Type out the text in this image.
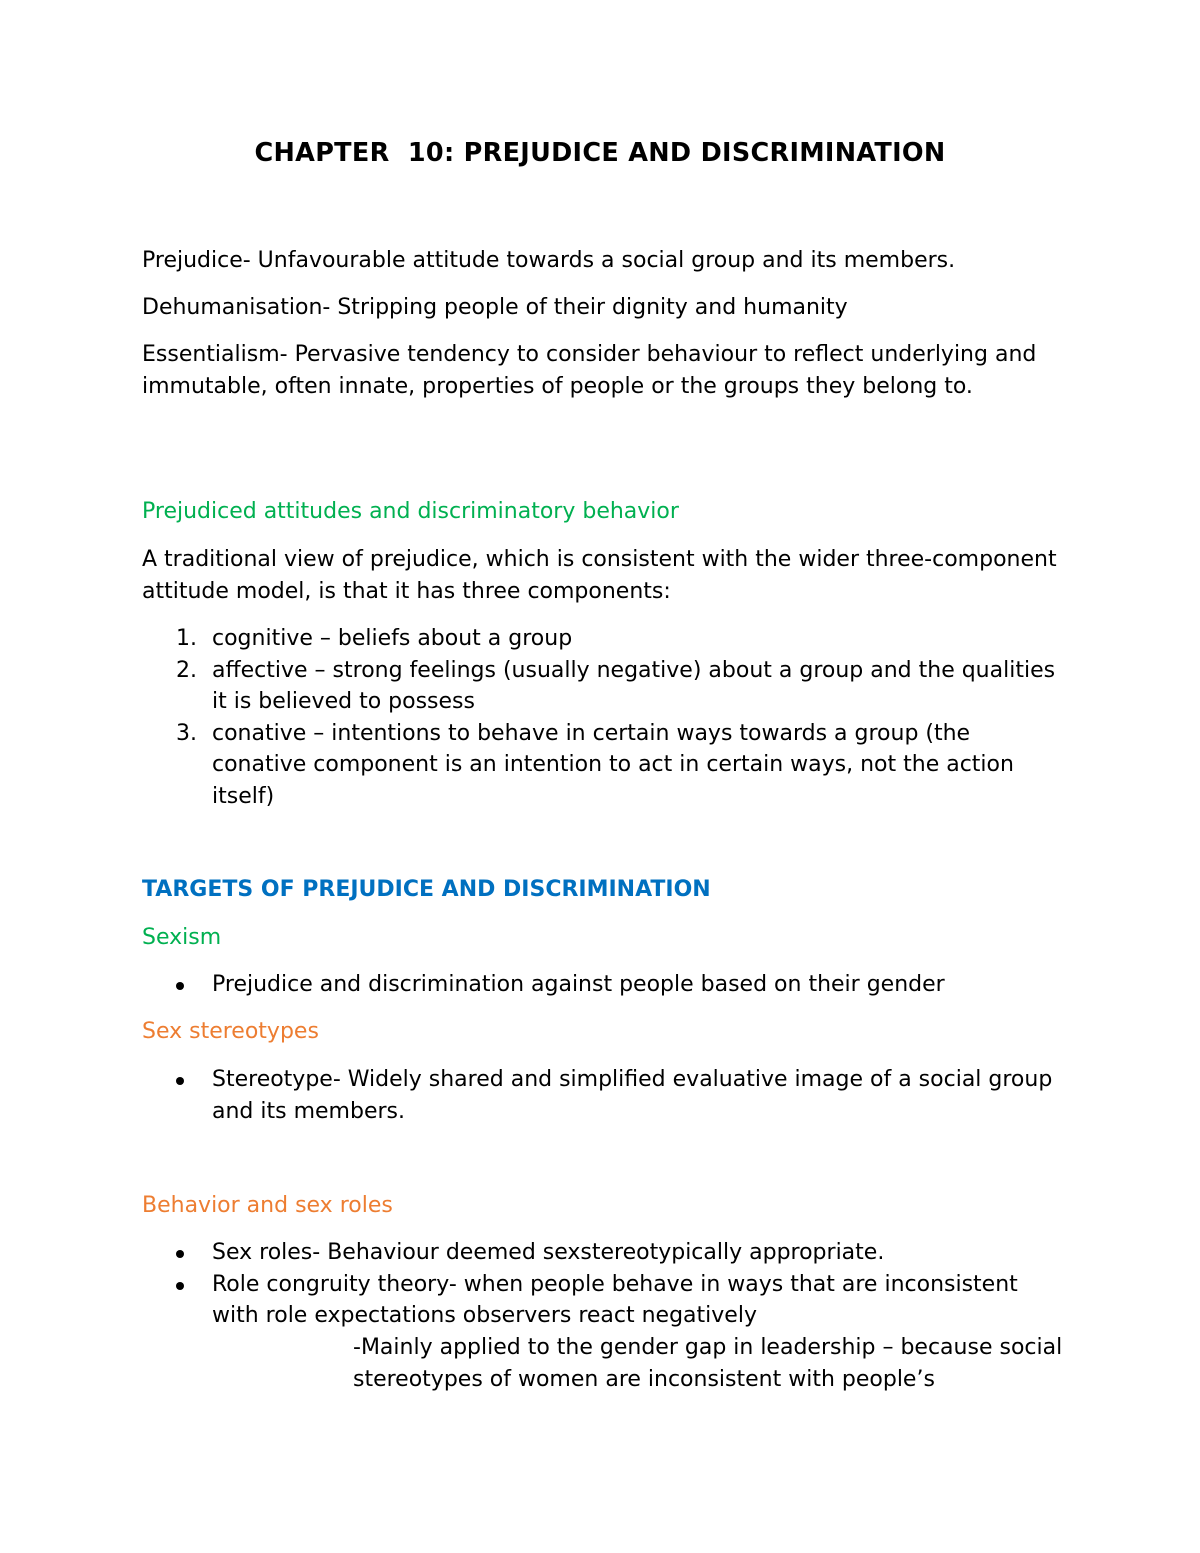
CHAPTER  10: PREJUDICE AND DISCRIMINATION
Prejudice- Unfavourable attitude towards a social group and its members.
Dehumanisation- Stripping people of their dignity and humanity
Essentialism- Pervasive tendency to consider behaviour to reflect underlying and immutable, often innate, properties of people or the groups they belong to.
Prejudiced attitudes and discriminatory behavior
A traditional view of prejudice, which is consistent with the wider three-component attitude model, is that it has three components:
1. cognitive – beliefs about a group
2. affective – strong feelings (usually negative) about a group and the qualities it is believed to possess
3. conative – intentions to behave in certain ways towards a group (the conative component is an intention to act in certain ways, not the action itself)
TARGETS OF PREJUDICE AND DISCRIMINATION
Sexism
Prejudice and discrimination against people based on their gender
Sex stereotypes
Stereotype- Widely shared and simplified evaluative image of a social group and its members.
Behavior and sex roles
Sex roles- Behaviour deemed sexstereotypically appropriate.
Role congruity theory- when people behave in ways that are inconsistent with role expectations observers react negatively
-Mainly applied to the gender gap in leadership – because social stereotypes of women are inconsistent with people’s
